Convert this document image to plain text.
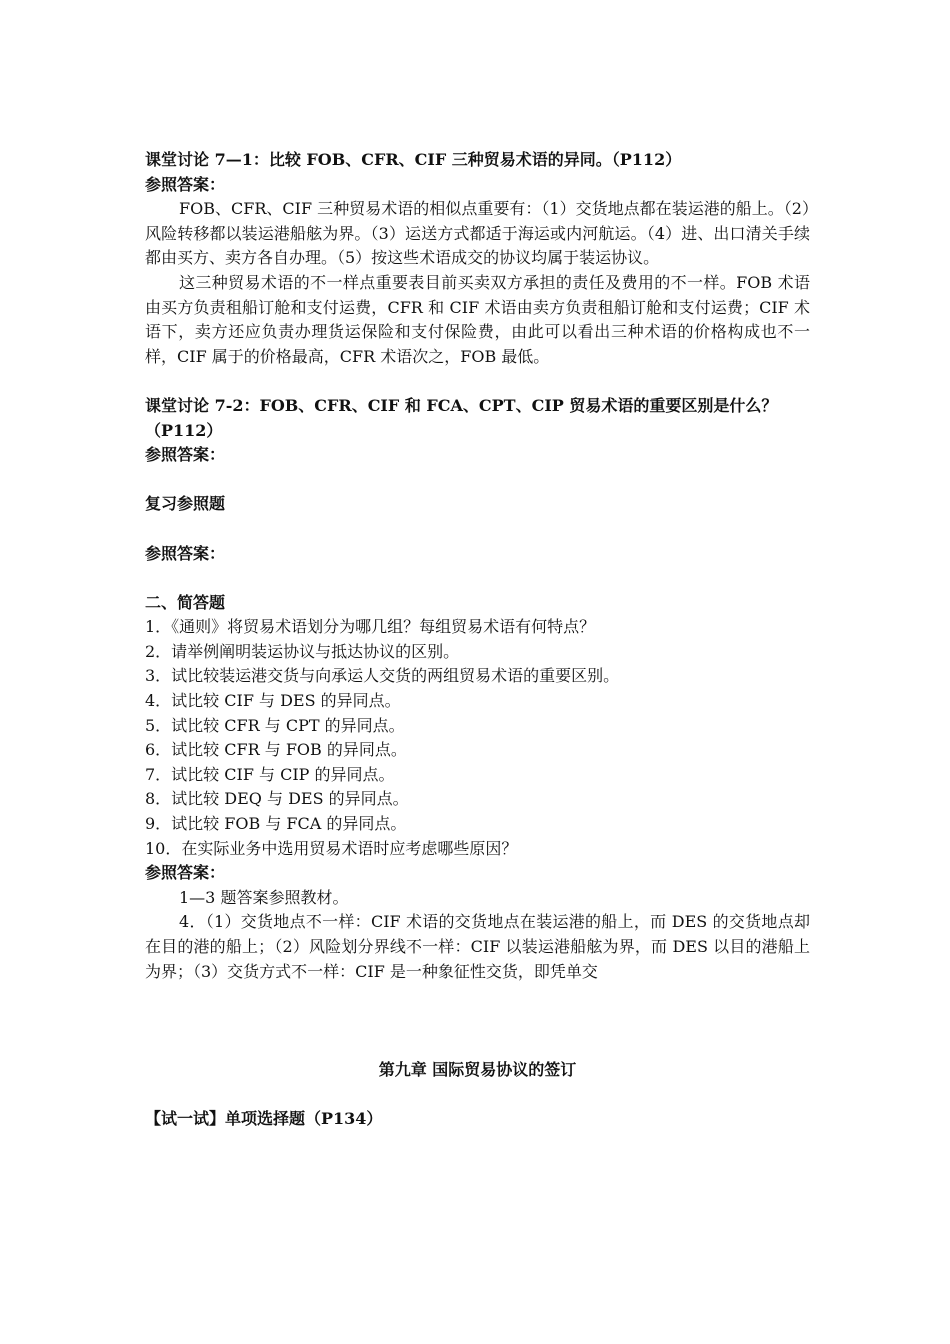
课堂讨论 7—1：比较 FOB、CFR、CIF 三种贸易术语的异同。（P112）
参照答案：
FOB、CFR、CIF 三种贸易术语的相似点重要有：（1）交货地点都在装运港的船上。（2）风险转移都以装运港船舷为界。（3）运送方式都适于海运或内河航运。（4）进、出口清关手续都由买方、卖方各自办理。（5）按这些术语成交的协议均属于装运协议。
这三种贸易术语的不一样点重要表目前买卖双方承担的责任及费用的不一样。FOB 术语由买方负责租船订舱和支付运费，CFR 和 CIF 术语由卖方负责租船订舱和支付运费；CIF 术语下，卖方还应负责办理货运保险和支付保险费，由此可以看出三种术语的价格构成也不一样，CIF 属于的价格最高，CFR 术语次之，FOB 最低。
课堂讨论 7-2：FOB、CFR、CIF 和 FCA、CPT、CIP 贸易术语的重要区别是什么？
（P112）
参照答案：
复习参照题
参照答案：
二、简答题
1．《通则》将贸易术语划分为哪几组？每组贸易术语有何特点？
2．请举例阐明装运协议与抵达协议的区别。
3．试比较装运港交货与向承运人交货的两组贸易术语的重要区别。
4．试比较 CIF 与 DES 的异同点。
5．试比较 CFR 与 CPT 的异同点。
6．试比较 CFR 与 FOB 的异同点。
7．试比较 CIF 与 CIP 的异同点。
8．试比较 DEQ 与 DES 的异同点。
9．试比较 FOB 与 FCA 的异同点。
10．在实际业务中选用贸易术语时应考虑哪些原因？
参照答案：
1—3 题答案参照教材。
4．（1）交货地点不一样：CIF 术语的交货地点在装运港的船上，而 DES 的交货地点却在目的港的船上；（2）风险划分界线不一样：CIF 以装运港船舷为界，而 DES 以目的港船上为界；（3）交货方式不一样：CIF 是一种象征性交货，即凭单交
第九章 国际贸易协议的签订
【试一试】单项选择题（P134）
